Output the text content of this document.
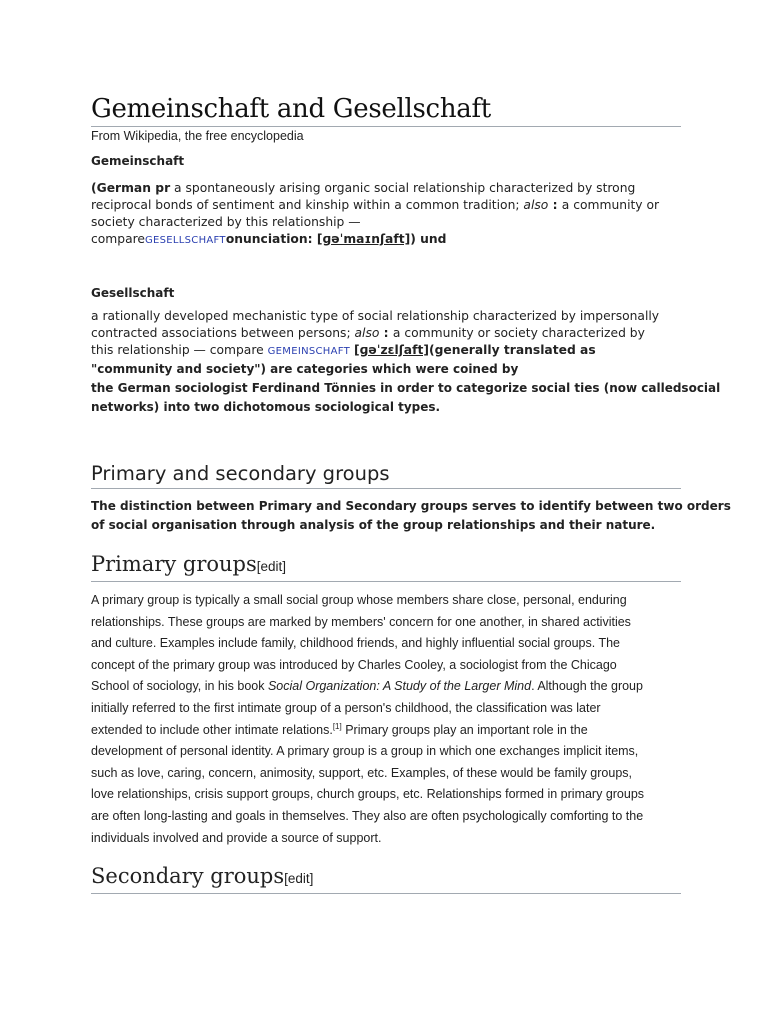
Gemeinschaft and Gesellschaft
From Wikipedia, the free encyclopedia
Gemeinschaft
(German pr a spontaneously arising organic social relationship characterized by strong
reciprocal bonds of sentiment and kinship within a common tradition; also : a community or
society characterized by this relationship —
compareGESELLSCHAFTonunciation: [ɡəˈmaɪnʃaft]) und
Gesellschaft
a rationally developed mechanistic type of social relationship characterized by impersonally
contracted associations between persons; also : a community or society characterized by
this relationship — compare GEMEINSCHAFT [ɡəˈzɛlʃaft](generally translated as
"community and society") are categories which were coined by
the German sociologist Ferdinand Tönnies in order to categorize social ties (now calledsocial
networks) into two dichotomous sociological types.
Primary and secondary groups
The distinction between Primary and Secondary groups serves to identify between two orders
of social organisation through analysis of the group relationships and their nature.
Primary groups[edit]
A primary group is typically a small social group whose members share close, personal, enduring
relationships. These groups are marked by members' concern for one another, in shared activities
and culture. Examples include family, childhood friends, and highly influential social groups. The
concept of the primary group was introduced by Charles Cooley, a sociologist from the Chicago
School of sociology, in his book Social Organization: A Study of the Larger Mind. Although the group
initially referred to the first intimate group of a person's childhood, the classification was later
extended to include other intimate relations.[1] Primary groups play an important role in the
development of personal identity. A primary group is a group in which one exchanges implicit items,
such as love, caring, concern, animosity, support, etc. Examples, of these would be family groups,
love relationships, crisis support groups, church groups, etc. Relationships formed in primary groups
are often long-lasting and goals in themselves. They also are often psychologically comforting to the
individuals involved and provide a source of support.
Secondary groups[edit]
